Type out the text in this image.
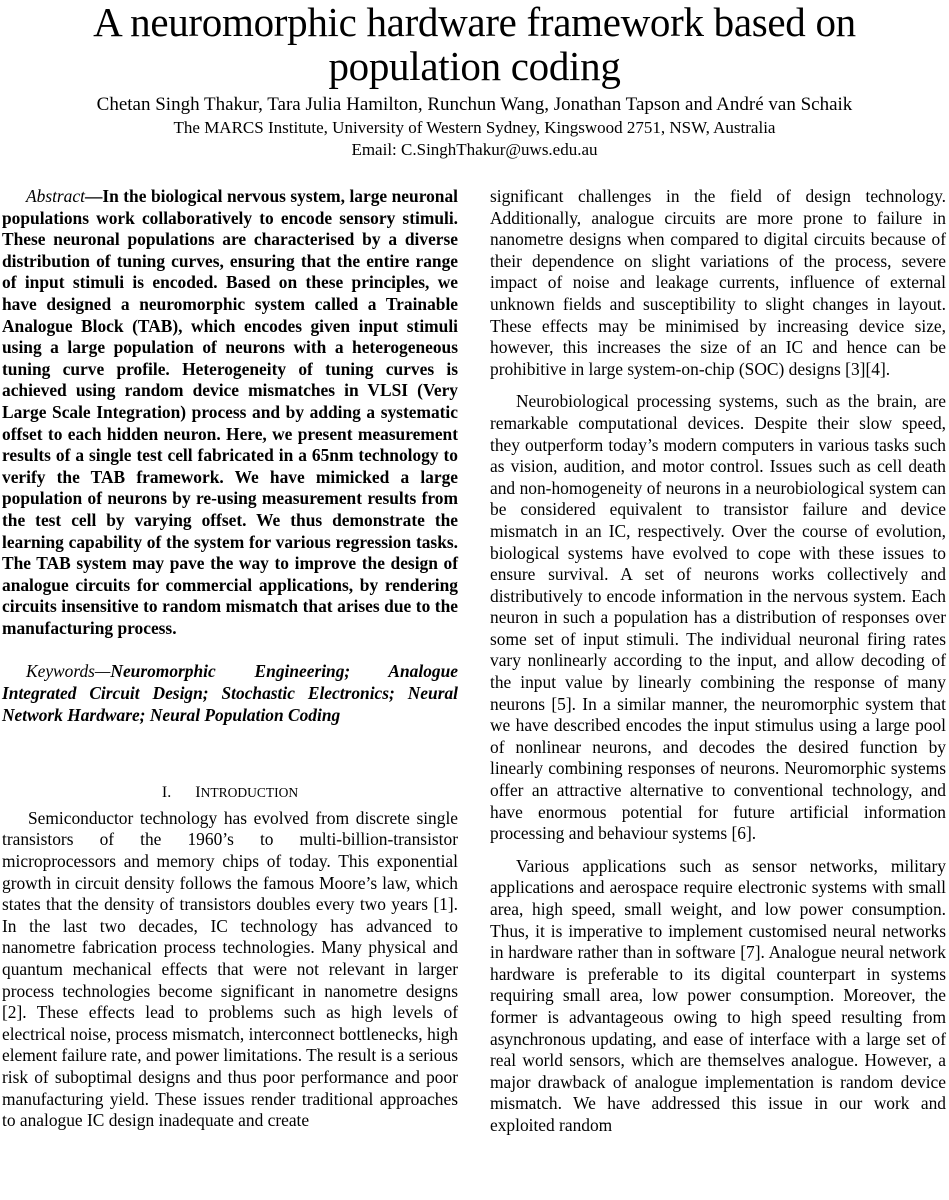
A neuromorphic hardware framework based on
population coding
Chetan Singh Thakur, Tara Julia Hamilton, Runchun Wang, Jonathan Tapson and André van Schaik
The MARCS Institute, University of Western Sydney, Kingswood 2751, NSW, Australia
Email: C.SinghThakur@uws.edu.au

Abstract—In the biological nervous system, large neuronal populations work collaboratively to encode sensory stimuli. These neuronal populations are characterised by a diverse distribution of tuning curves, ensuring that the entire range of input stimuli is encoded. Based on these principles, we have designed a neuromorphic system called a Trainable Analogue Block (TAB), which encodes given input stimuli using a large population of neurons with a heterogeneous tuning curve profile. Heterogeneity of tuning curves is achieved using random device mismatches in VLSI (Very Large Scale Integration) process and by adding a systematic offset to each hidden neuron. Here, we present measurement results of a single test cell fabricated in a 65nm technology to verify the TAB framework. We have mimicked a large population of neurons by re-using measurement results from the test cell by varying offset. We thus demonstrate the learning capability of the system for various regression tasks. The TAB system may pave the way to improve the design of analogue circuits for commercial applications, by rendering circuits insensitive to random mismatch that arises due to the manufacturing process.

Keywords—Neuromorphic Engineering; Analogue Integrated Circuit Design; Stochastic Electronics; Neural Network Hardware; Neural Population Coding

I. INTRODUCTION

Semiconductor technology has evolved from discrete single transistors of the 1960’s to multi-billion-transistor microprocessors and memory chips of today. This exponential growth in circuit density follows the famous Moore’s law, which states that the density of transistors doubles every two years [1]. In the last two decades, IC technology has advanced to nanometre fabrication process technologies. Many physical and quantum mechanical effects that were not relevant in larger process technologies become significant in nanometre designs [2]. These effects lead to problems such as high levels of electrical noise, process mismatch, interconnect bottlenecks, high element failure rate, and power limitations. The result is a serious risk of suboptimal designs and thus poor performance and poor manufacturing yield. These issues render traditional approaches to analogue IC design inadequate and create

significant challenges in the field of design technology. Additionally, analogue circuits are more prone to failure in nanometre designs when compared to digital circuits because of their dependence on slight variations of the process, severe impact of noise and leakage currents, influence of external unknown fields and susceptibility to slight changes in layout. These effects may be minimised by increasing device size, however, this increases the size of an IC and hence can be prohibitive in large system-on-chip (SOC) designs [3][4].

Neurobiological processing systems, such as the brain, are remarkable computational devices. Despite their slow speed, they outperform today’s modern computers in various tasks such as vision, audition, and motor control. Issues such as cell death and non-homogeneity of neurons in a neurobiological system can be considered equivalent to transistor failure and device mismatch in an IC, respectively. Over the course of evolution, biological systems have evolved to cope with these issues to ensure survival. A set of neurons works collectively and distributively to encode information in the nervous system. Each neuron in such a population has a distribution of responses over some set of input stimuli. The individual neuronal firing rates vary nonlinearly according to the input, and allow decoding of the input value by linearly combining the response of many neurons [5]. In a similar manner, the neuromorphic system that we have described encodes the input stimulus using a large pool of nonlinear neurons, and decodes the desired function by linearly combining responses of neurons. Neuromorphic systems offer an attractive alternative to conventional technology, and have enormous potential for future artificial information processing and behaviour systems [6].

Various applications such as sensor networks, military applications and aerospace require electronic systems with small area, high speed, small weight, and low power consumption. Thus, it is imperative to implement customised neural networks in hardware rather than in software [7]. Analogue neural network hardware is preferable to its digital counterpart in systems requiring small area, low power consumption. Moreover, the former is advantageous owing to high speed resulting from asynchronous updating, and ease of interface with a large set of real world sensors, which are themselves analogue. However, a major drawback of analogue implementation is random device mismatch. We have addressed this issue in our work and exploited random
